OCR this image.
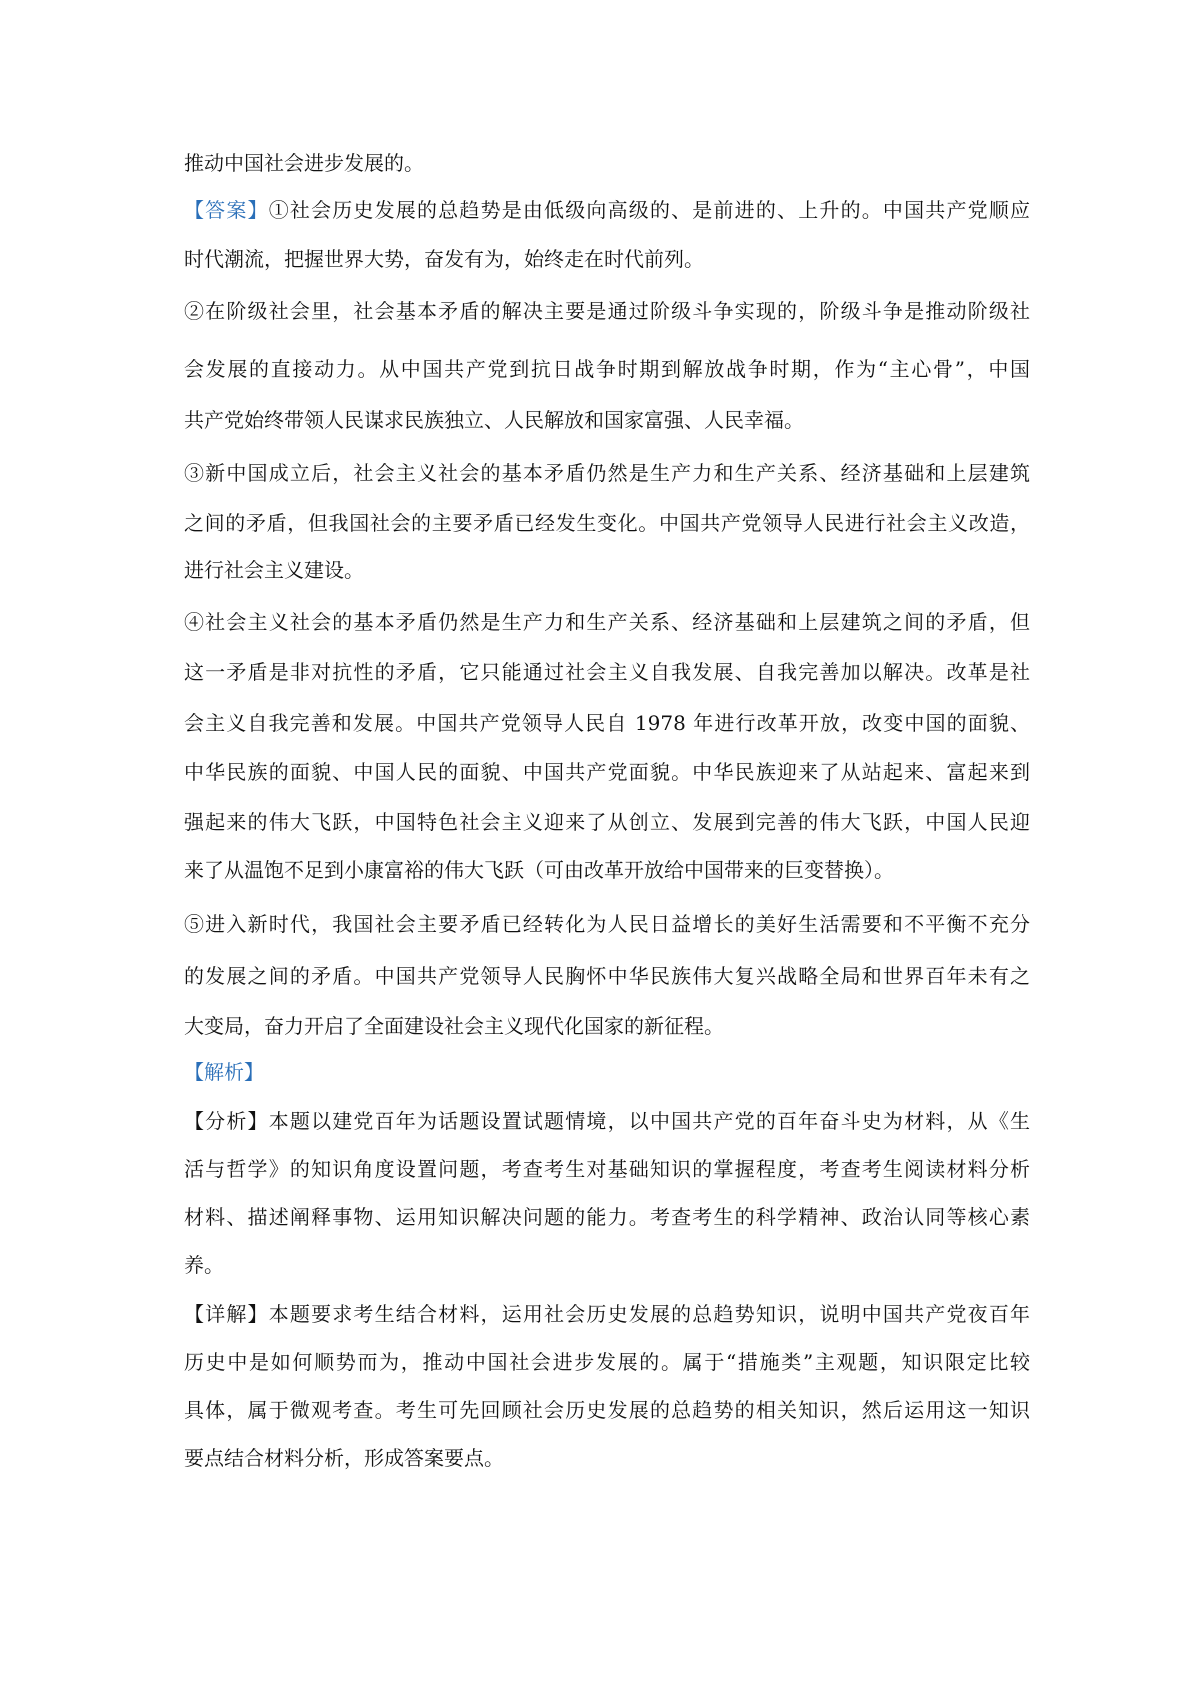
推动中国社会进步发展的。
【答案】①社会历史发展的总趋势是由低级向高级的、是前进的、上升的。中国共产党顺应
时代潮流，把握世界大势，奋发有为，始终走在时代前列。
②在阶级社会里，社会基本矛盾的解决主要是通过阶级斗争实现的，阶级斗争是推动阶级社
会发展的直接动力。从中国共产党到抗日战争时期到解放战争时期，作为“主心骨”，中国
共产党始终带领人民谋求民族独立、人民解放和国家富强、人民幸福。
③新中国成立后，社会主义社会的基本矛盾仍然是生产力和生产关系、经济基础和上层建筑
之间的矛盾，但我国社会的主要矛盾已经发生变化。中国共产党领导人民进行社会主义改造，
进行社会主义建设。
④社会主义社会的基本矛盾仍然是生产力和生产关系、经济基础和上层建筑之间的矛盾，但
这一矛盾是非对抗性的矛盾，它只能通过社会主义自我发展、自我完善加以解决。改革是社
会主义自我完善和发展。中国共产党领导人民自 1978 年进行改革开放，改变中国的面貌、
中华民族的面貌、中国人民的面貌、中国共产党面貌。中华民族迎来了从站起来、富起来到
强起来的伟大飞跃，中国特色社会主义迎来了从创立、发展到完善的伟大飞跃，中国人民迎
来了从温饱不足到小康富裕的伟大飞跃（可由改革开放给中国带来的巨变替换）。
⑤进入新时代，我国社会主要矛盾已经转化为人民日益增长的美好生活需要和不平衡不充分
的发展之间的矛盾。中国共产党领导人民胸怀中华民族伟大复兴战略全局和世界百年未有之
大变局，奋力开启了全面建设社会主义现代化国家的新征程。
【解析】
【分析】本题以建党百年为话题设置试题情境，以中国共产党的百年奋斗史为材料，从《生
活与哲学》的知识角度设置问题，考查考生对基础知识的掌握程度，考查考生阅读材料分析
材料、描述阐释事物、运用知识解决问题的能力。考查考生的科学精神、政治认同等核心素
养。
【详解】本题要求考生结合材料，运用社会历史发展的总趋势知识，说明中国共产党夜百年
历史中是如何顺势而为，推动中国社会进步发展的。属于“措施类”主观题，知识限定比较
具体，属于微观考查。考生可先回顾社会历史发展的总趋势的相关知识，然后运用这一知识
要点结合材料分析，形成答案要点。
